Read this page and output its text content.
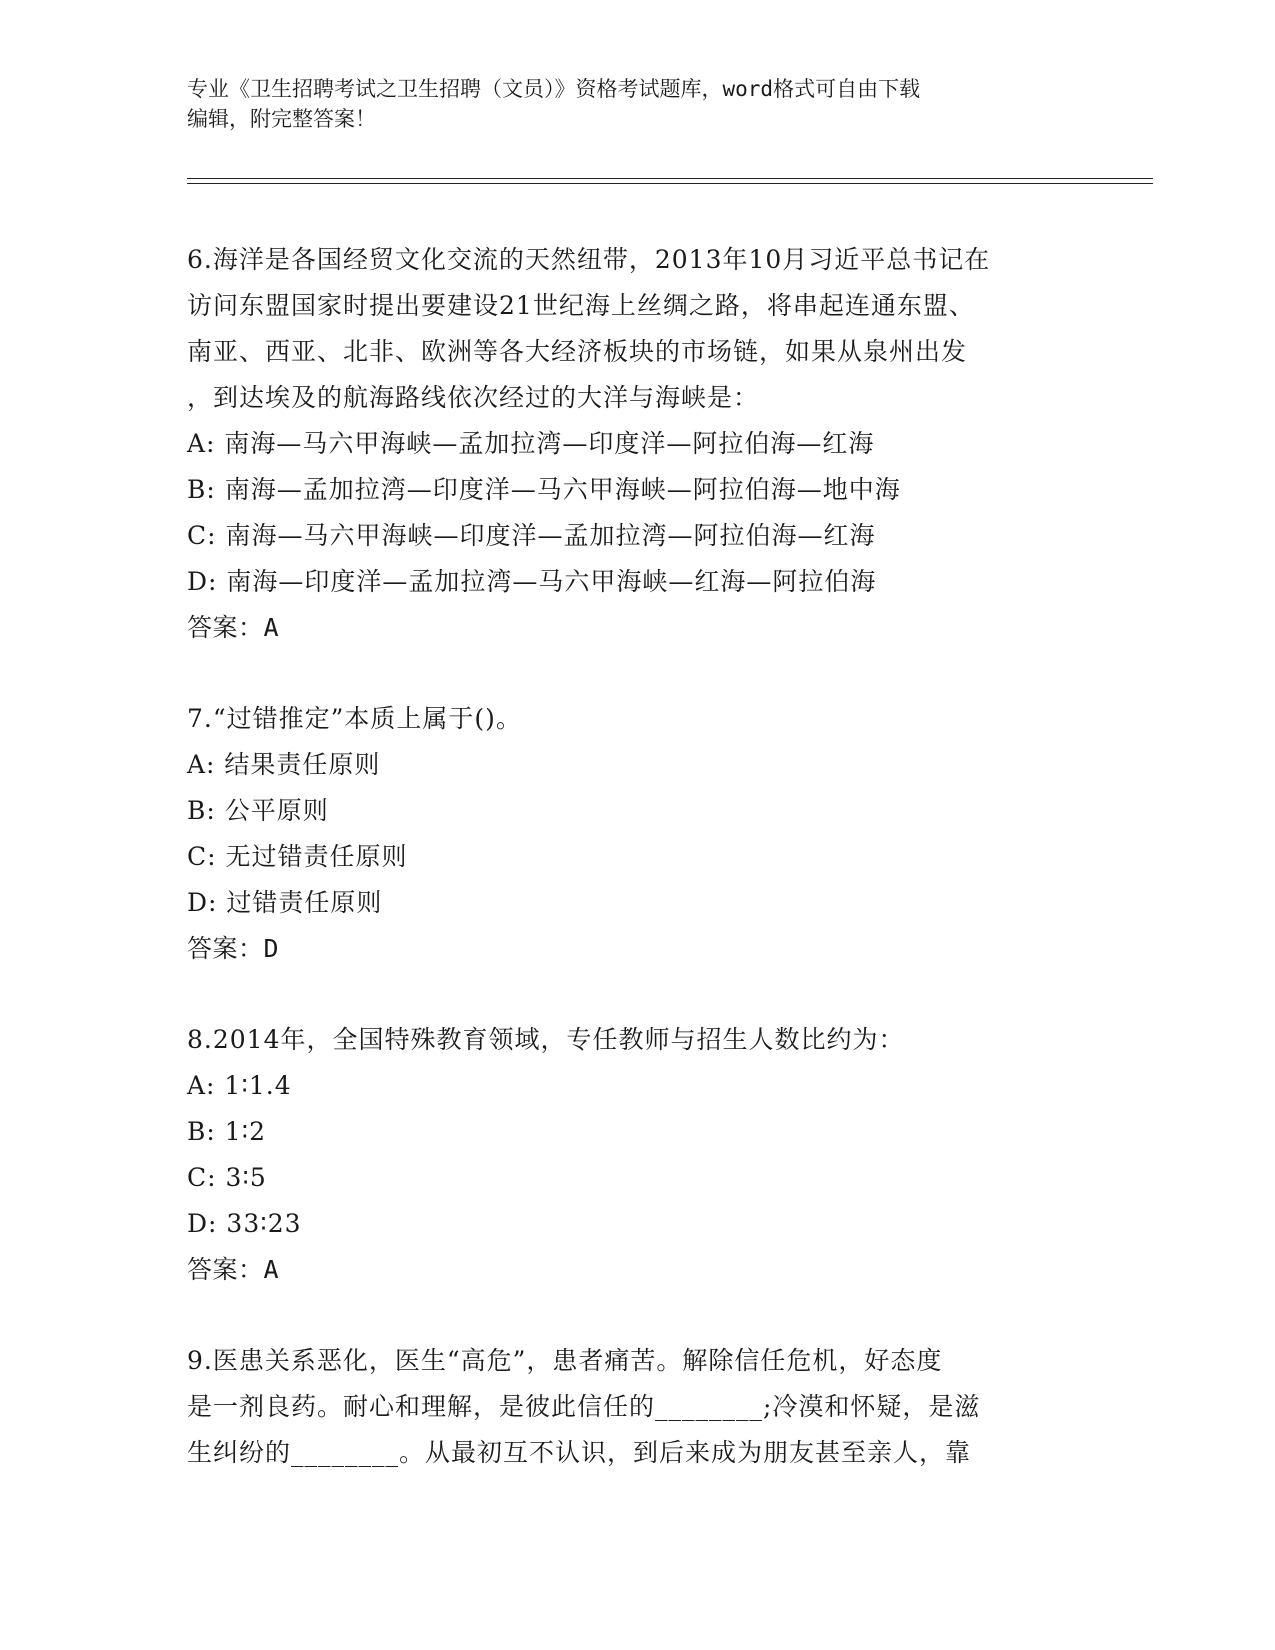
专业《卫生招聘考试之卫生招聘（文员）》资格考试题库，word格式可自由下载
编辑，附完整答案！
6.海洋是各国经贸文化交流的天然纽带，2013年10月习近平总书记在
访问东盟国家时提出要建设21世纪海上丝绸之路，将串起连通东盟、
南亚、西亚、北非、欧洲等各大经济板块的市场链，如果从泉州出发
，到达埃及的航海路线依次经过的大洋与海峡是：
A: 南海—马六甲海峡—孟加拉湾—印度洋—阿拉伯海—红海
B: 南海—孟加拉湾—印度洋—马六甲海峡—阿拉伯海—地中海
C: 南海—马六甲海峡—印度洋—孟加拉湾—阿拉伯海—红海
D: 南海—印度洋—孟加拉湾—马六甲海峡—红海—阿拉伯海
答案：A
7.“过错推定”本质上属于()。
A: 结果责任原则
B: 公平原则
C: 无过错责任原则
D: 过错责任原则
答案：D
8.2014年，全国特殊教育领域，专任教师与招生人数比约为：
A: 1∶1.4
B: 1∶2
C: 3∶5
D: 33∶23
答案：A
9.医患关系恶化，医生“高危”，患者痛苦。解除信任危机，好态度
是一剂良药。耐心和理解，是彼此信任的________;冷漠和怀疑，是滋
生纠纷的________。从最初互不认识，到后来成为朋友甚至亲人，靠
